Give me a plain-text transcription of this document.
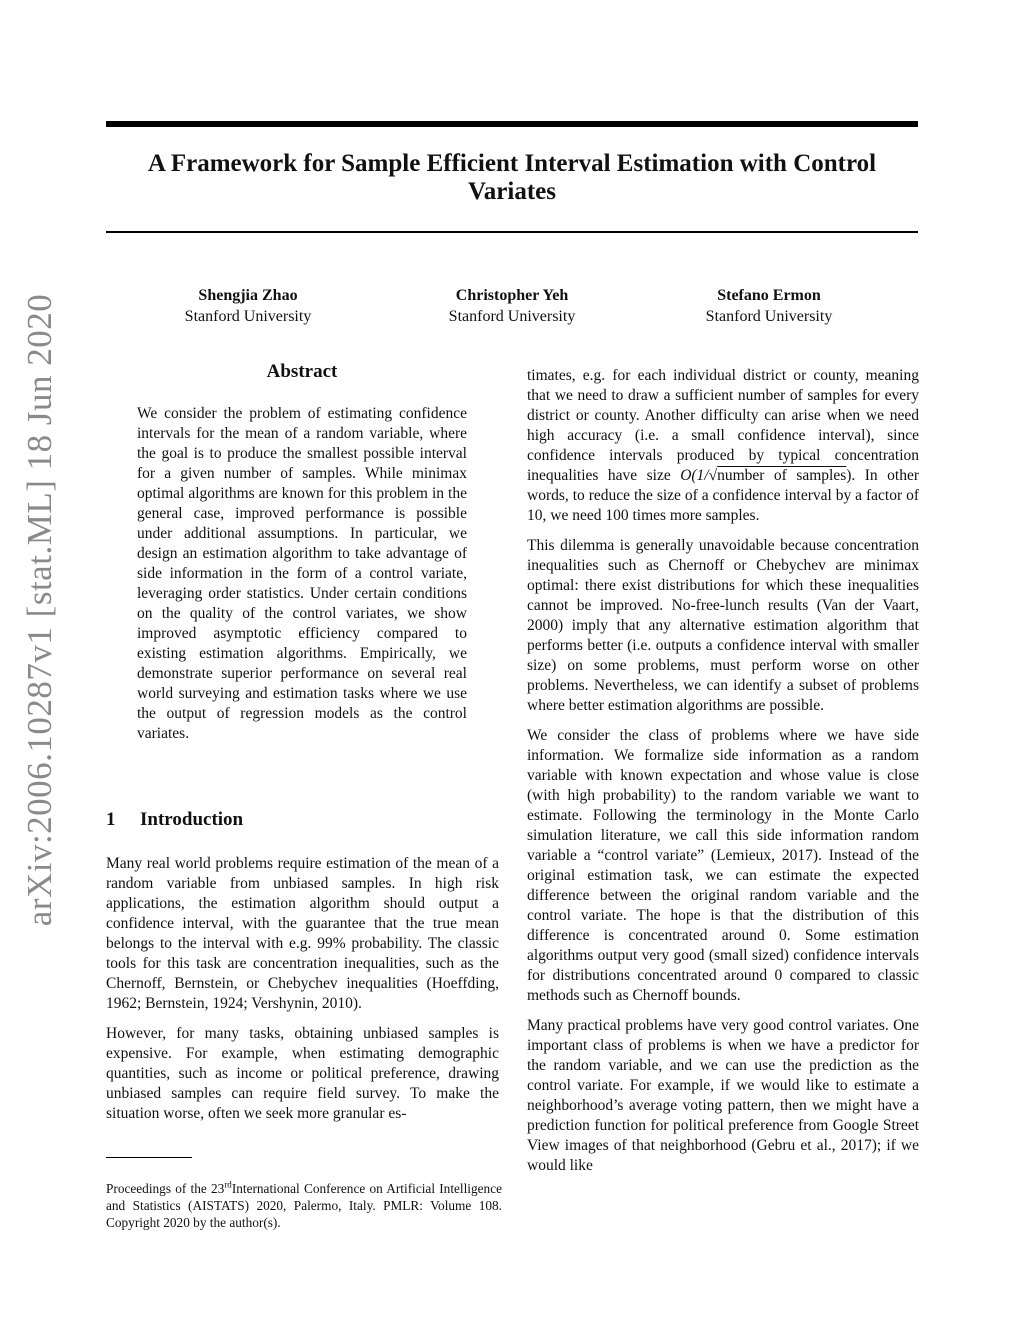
A Framework for Sample Efficient Interval Estimation with Control Variates
Shengjia Zhao
Stanford University
Christopher Yeh
Stanford University
Stefano Ermon
Stanford University
arXiv:2006.10287v1 [stat.ML] 18 Jun 2020	Abstract

We consider the problem of estimating confidence intervals for the mean of a random variable, where the goal is to produce the smallest possible interval for a given number of samples. While minimax optimal algorithms are known for this problem in the general case, improved performance is possible under additional assumptions. In particular, we design an estimation algorithm to take advantage of side information in the form of a control variate, leveraging order statistics. Under certain conditions on the quality of the control variates, we show improved asymptotic efficiency compared to existing estimation algorithms. Empirically, we demonstrate superior performance on several real world surveying and estimation tasks where we use the output of regression models as the control variates.

1 Introduction

Many real world problems require estimation of the mean of a random variable from unbiased samples. In high risk applications, the estimation algorithm should output a confidence interval, with the guarantee that the true mean belongs to the interval with e.g. 99% probability. The classic tools for this task are concentration inequalities, such as the Chernoff, Bernstein, or Chebychev inequalities (Hoeffding, 1962; Bernstein, 1924; Vershynin, 2010).

However, for many tasks, obtaining unbiased samples is expensive. For example, when estimating demographic quantities, such as income or political preference, drawing unbiased samples can require field survey. To make the situation worse, often we seek more granular es-

timates, e.g. for each individual district or county, meaning that we need to draw a sufficient number of samples for every district or county. Another difficulty can arise when we need high accuracy (i.e. a small confidence interval), since confidence intervals produced by typical concentration inequalities have size O(1/√number of samples). In other words, to reduce the size of a confidence interval by a factor of 10, we need 100 times more samples.

This dilemma is generally unavoidable because concentration inequalities such as Chernoff or Chebychev are minimax optimal: there exist distributions for which these inequalities cannot be improved. No-free-lunch results (Van der Vaart, 2000) imply that any alternative estimation algorithm that performs better (i.e. outputs a confidence interval with smaller size) on some problems, must perform worse on other problems. Nevertheless, we can identify a subset of problems where better estimation algorithms are possible.

We consider the class of problems where we have side information. We formalize side information as a random variable with known expectation and whose value is close (with high probability) to the random variable we want to estimate. Following the terminology in the Monte Carlo simulation literature, we call this side information random variable a “control variate” (Lemieux, 2017). Instead of the original estimation task, we can estimate the expected difference between the original random variable and the control variate. The hope is that the distribution of this difference is concentrated around 0. Some estimation algorithms output very good (small sized) confidence intervals for distributions concentrated around 0 compared to classic methods such as Chernoff bounds.

Many practical problems have very good control variates. One important class of problems is when we have a predictor for the random variable, and we can use the prediction as the control variate. For example, if we would like to estimate a neighborhood’s average voting pattern, then we might have a prediction function for political preference from Google Street View images of that neighborhood (Gebru et al., 2017); if we would like

Proceedings of the 23rdInternational Conference on Artificial Intelligence and Statistics (AISTATS) 2020, Palermo, Italy. PMLR: Volume 108. Copyright 2020 by the author(s).
